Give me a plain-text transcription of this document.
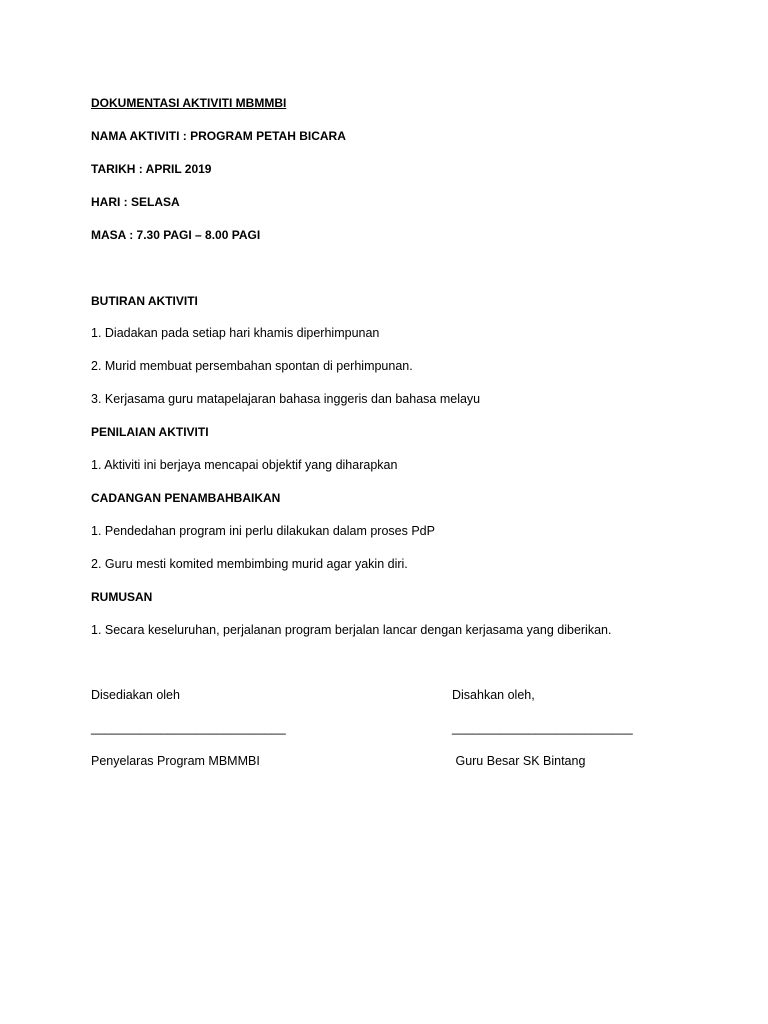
DOKUMENTASI AKTIVITI MBMMBI
NAMA AKTIVITI : PROGRAM PETAH BICARA
TARIKH : APRIL 2019
HARI : SELASA
MASA : 7.30 PAGI – 8.00 PAGI
BUTIRAN AKTIVITI
1. Diadakan pada setiap hari khamis diperhimpunan
2. Murid membuat persembahan spontan di perhimpunan.
3. Kerjasama guru matapelajaran bahasa inggeris dan bahasa melayu
PENILAIAN AKTIVITI
1. Aktiviti ini berjaya mencapai objektif yang diharapkan
CADANGAN PENAMBAHBAIKAN
1. Pendedahan program ini perlu dilakukan dalam proses PdP
2. Guru mesti komited membimbing murid agar yakin diri.
RUMUSAN
1. Secara keseluruhan, perjalanan program berjalan lancar dengan kerjasama yang diberikan.
Disediakan oleh	Disahkan oleh,
____________________________	__________________________
Penyelaras Program MBMMBI	Guru Besar SK Bintang
